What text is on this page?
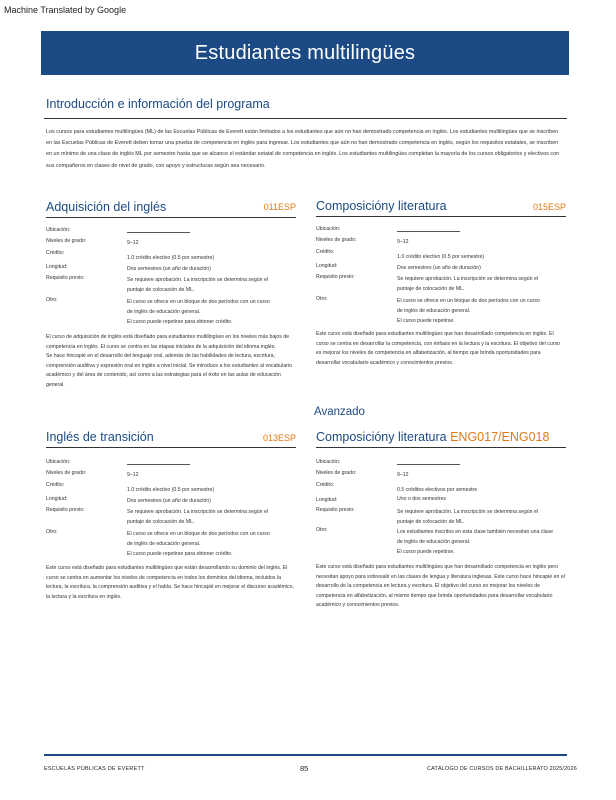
Machine Translated by Google
Estudiantes multilingües
Introducción e información del programa
Los cursos para estudiantes multilingües (ML) de las Escuelas Públicas de Everett están limitados a los estudiantes que aún no han demostrado competencia en inglés. Los estudiantes multilingües que se inscriben en las Escuelas Públicas de Everett deben tomar una prueba de competencia en inglés para ingresar. Los estudiantes que aún no han demostrado competencia en inglés, según los requisitos estatales, se inscriben en un mínimo de una clase de inglés ML por semestre hasta que se alcance el estándar estatal de competencia en inglés. Los estudiantes multilingües completan la mayoría de los cursos obligatorios y electivos con sus compañeros en clases de nivel de grado, con apoyo y estructuras según sea necesario.
Adquisición del inglés	011ESP
Ubicación:
Niveles de grado:	9–12
Crédito:
1.0 crédito electivo (0.5 por semestre)
Longitud:	Dos semestres (un año de duración)
Requisito previo:	Se requiere aprobación. La inscripción se determina según el
puntaje de colocación de ML.
Otro:	El curso se ofrece en un bloque de dos períodos con un curso
de inglés de educación general.
El curso puede repetirse para obtener crédito.

El curso de adquisición de inglés está diseñado para estudiantes multilingües en los niveles más bajos de competencia en inglés. El curso se centra en las etapas iniciales de la adquisición del idioma inglés.

Se hace hincapié en el desarrollo del lenguaje oral, además de las habilidades de lectura, escritura, comprensión auditiva y expresión oral en inglés a nivel inicial. Se introduce a los estudiantes al vocabulario académico y del área de contenido, así como a las estrategias para el éxito en las aulas de educación general.

Composicióny literatura	015ESP
Ubicación:
Niveles de grado:	9–12
Crédito:
1.0 crédito electivo (0.5 por semestre)
Longitud:	Dos semestres (un año de duración)
Requisito previo:	Se requiere aprobación. La inscripción se determina según el
puntaje de colocación de ML.
Otro:	El curso se ofrece en un bloque de dos períodos con un curso
de inglés de educación general.
El curso puede repetirse.

Este curso está diseñado para estudiantes multilingües que han desarrollado competencia en inglés. El curso se centra en desarrollar la competencia, con énfasis en la lectura y la escritura. El objetivo del curso es mejorar los niveles de competencia en alfabetización, al tiempo que brinda oportunidades para desarrollar vocabulario académico y conocimientos previos.

Avanzado
Inglés de transición	013ESP
Ubicación:
Niveles de grado:	9–12
Crédito:
1.0 crédito electivo (0.5 por semestre)
Longitud:	Dos semestres (un año de duración)
Requisito previo:	Se requiere aprobación. La inscripción se determina según el
puntaje de colocación de ML.
Otro:	El curso se ofrece en un bloque de dos períodos con un curso
de inglés de educación general.
El curso puede repetirse para obtener crédito.

Este curso está diseñado para estudiantes multilingües que están desarrollando su dominio del inglés. El curso se centra en aumentar los niveles de competencia en todos los dominios del idioma, incluidos la lectura, la escritura, la comprensión auditiva y el habla. Se hace hincapié en mejorar el discurso académico, la lectura y la escritura en inglés.

Composicióny literatura ENG017/ENG018
Ubicación:
Niveles de grado:	9–12
Crédito:
0.5 créditos electivos por semestre
Longitud:	Uno o dos semestres
Requisito previo:	Se requiere aprobación. La inscripción se determina según el
puntaje de colocación de ML.
Otro:	Los estudiantes inscritos en esta clase también necesitan una clase
de inglés de educación general.
El curso puede repetirse.

Este curso está diseñado para estudiantes multilingües que han desarrollado competencia en inglés pero necesitan apoyo para sobresalir en las clases de lengua y literatura inglesas. Este curso hace hincapié en el desarrollo de la competencia en lectura y escritura. El objetivo del curso es mejorar los niveles de competencia en alfabetización, al mismo tiempo que brinda oportunidades para desarrollar vocabulario académico y conocimientos previos.

ESCUELAS PÚBLICAS DE EVERETT	85	CATÁLOGO DE CURSOS DE BACHILLERATO 2025/2026
